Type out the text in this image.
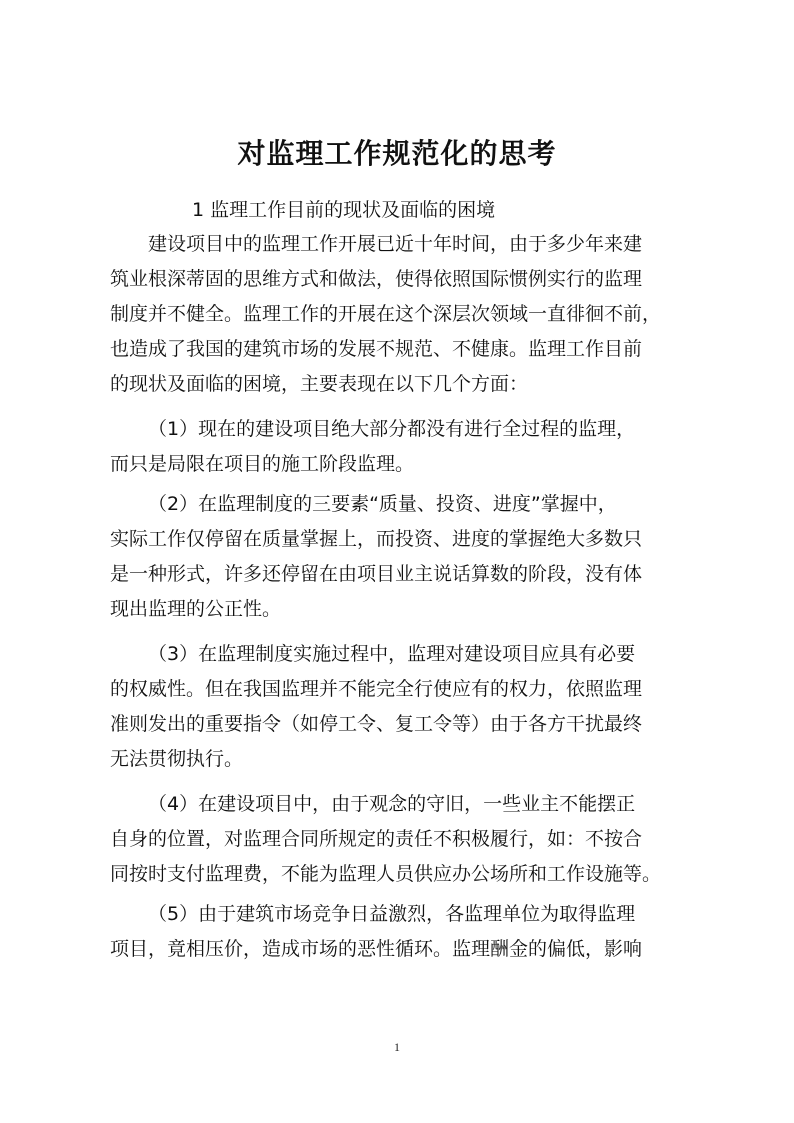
对监理工作规范化的思考
1 监理工作目前的现状及面临的困境
建设项目中的监理工作开展已近十年时间，由于多少年来建
筑业根深蒂固的思维方式和做法，使得依照国际惯例实行的监理
制度并不健全。监理工作的开展在这个深层次领域一直徘徊不前，
也造成了我国的建筑市场的发展不规范、不健康。监理工作目前
的现状及面临的困境，主要表现在以下几个方面：
（1）现在的建设项目绝大部分都没有进行全过程的监理，
而只是局限在项目的施工阶段监理。
（2）在监理制度的三要素“质量、投资、进度”掌握中，
实际工作仅停留在质量掌握上，而投资、进度的掌握绝大多数只
是一种形式，许多还停留在由项目业主说话算数的阶段，没有体
现出监理的公正性。
（3）在监理制度实施过程中，监理对建设项目应具有必要
的权威性。但在我国监理并不能完全行使应有的权力，依照监理
准则发出的重要指令（如停工令、复工令等）由于各方干扰最终
无法贯彻执行。
（4）在建设项目中，由于观念的守旧，一些业主不能摆正
自身的位置，对监理合同所规定的责任不积极履行，如：不按合
同按时支付监理费，不能为监理人员供应办公场所和工作设施等。
（5）由于建筑市场竞争日益激烈，各监理单位为取得监理
项目，竟相压价，造成市场的恶性循环。监理酬金的偏低，影响
1
